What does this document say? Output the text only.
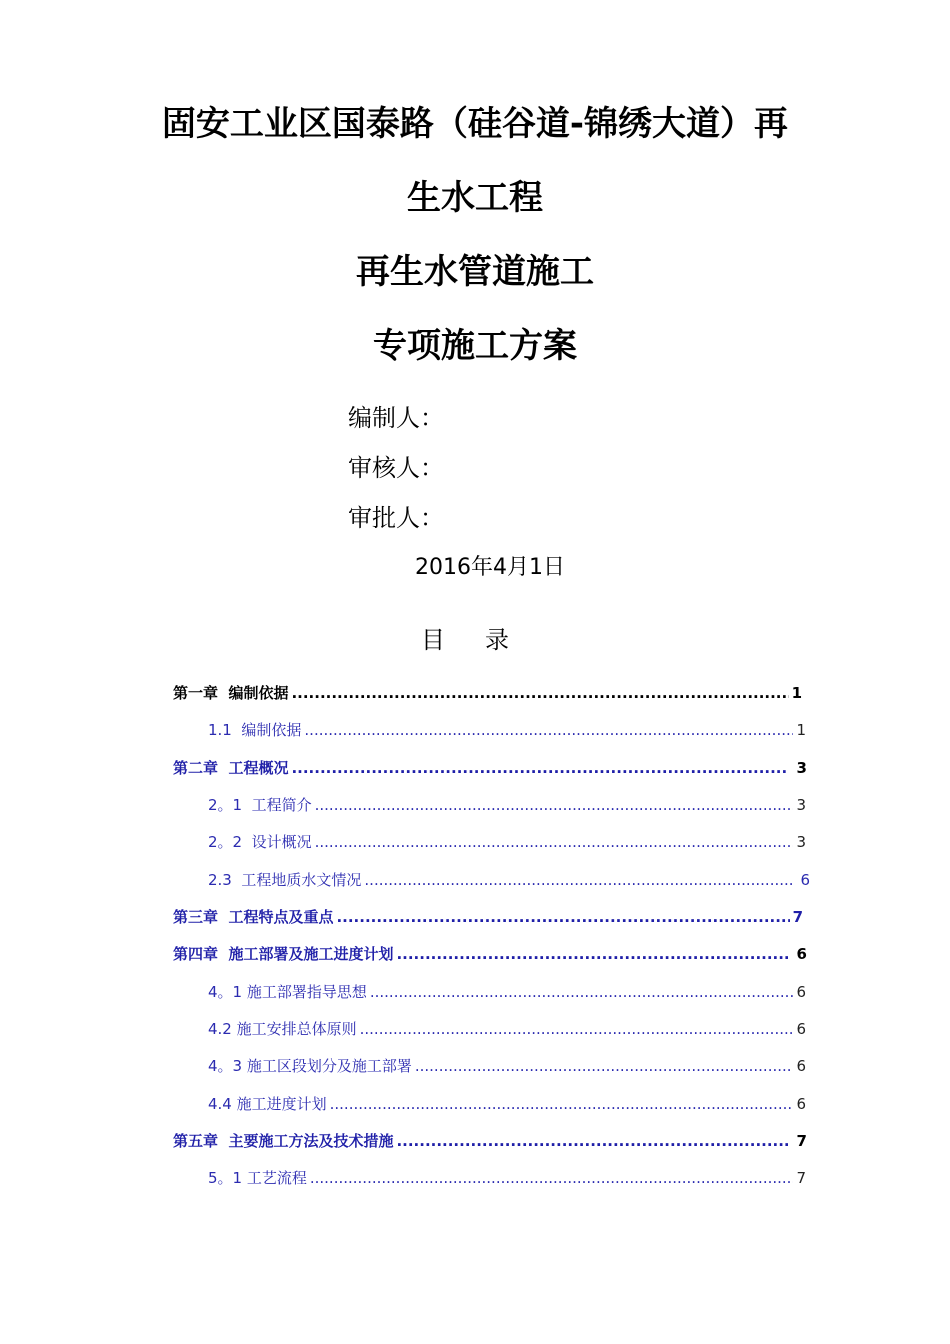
固安工业区国泰路（硅谷道-锦绣大道）再
生水工程
再生水管道施工
专项施工方案
编制人：
审核人：
审批人：
2016年4月1日
目录
第一章  编制依据 .....	1
1.1  编制依据 .....	1
第二章  工程概况 .....	3
2。1  工程简介 .....	3
2。2  设计概况 .....	3
2.3  工程地质水文情况 .....	6
第三章  工程特点及重点 .....	7
第四章  施工部署及施工进度计划 .....	6
4。1 施工部署指导思想 .....	6
4.2 施工安排总体原则 .....	6
4。3 施工区段划分及施工部署 .....	6
4.4 施工进度计划 .....	6
第五章  主要施工方法及技术措施 .....	7
5。1 工艺流程 .....	7
